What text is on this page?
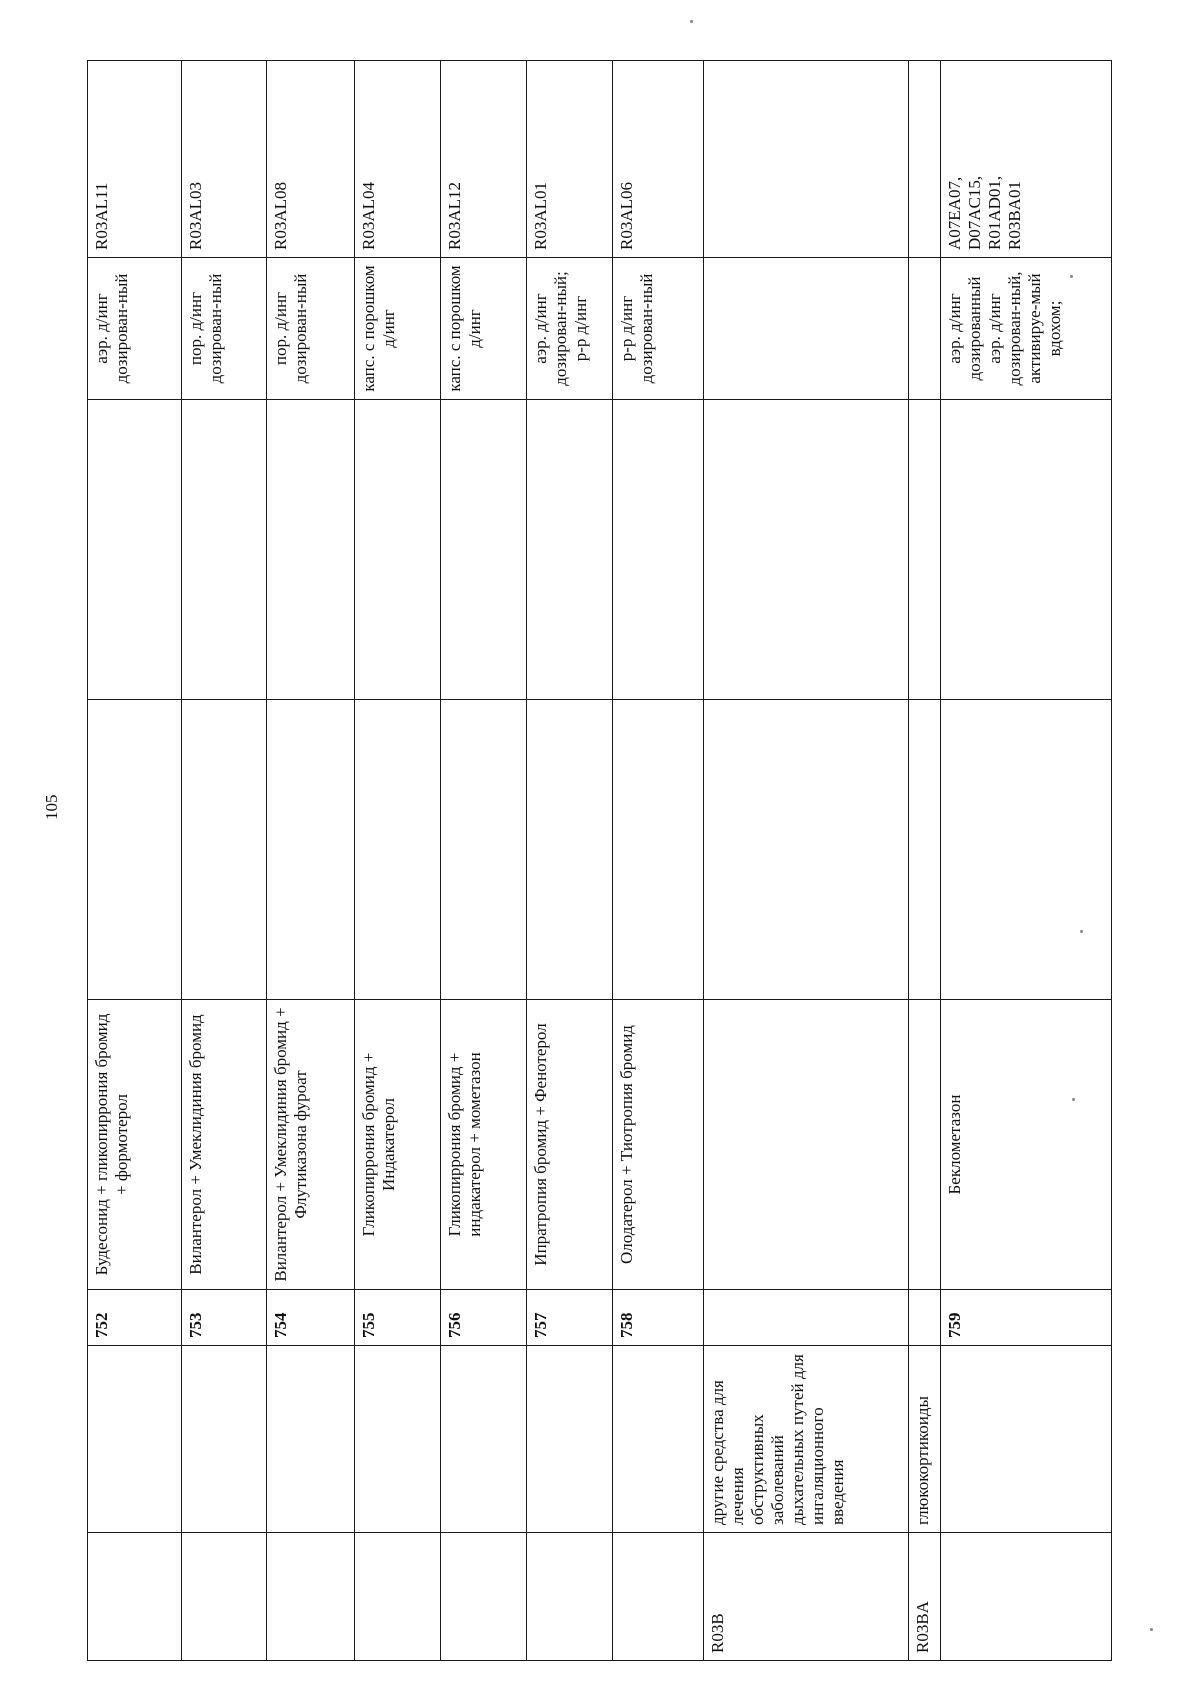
105
		752	Будесонид + гликопиррония бромид + формотерол			аэр. д/инг дозирован-ный	R03AL11
		753	Вилантерол + Умеклидиния бромид			пор. д/инг дозирован-ный	R03AL03
		754	Вилантерол + Умеклидиния бромид + Флутиказона фуроат			пор. д/инг дозирован-ный	R03AL08
		755	Гликопиррония бромид + Индакатерол			капс. с порошком д/инг	R03AL04
		756	Гликопиррония бромид + индакатерол + мометазон			капс. с порошком д/инг	R03AL12
		757	Ипратропия бромид + Фенотерол			аэр. д/инг дозирован-ный; р-р д/инг	R03AL01
		758	Олодатерол + Тиотропия бромид			р-р д/инг дозирован-ный	R03AL06
R03B	другие средства для лечения обструктивных заболеваний дыхательных путей для ингаляционного введения						
R03BA	глюкокортикоиды						
		759	Беклометазон			аэр. д/инг дозированный аэр. д/инг дозирован-ный, активируе-мый вдохом;	A07EA07,
D07AC15,
R01AD01,
R03BA01
